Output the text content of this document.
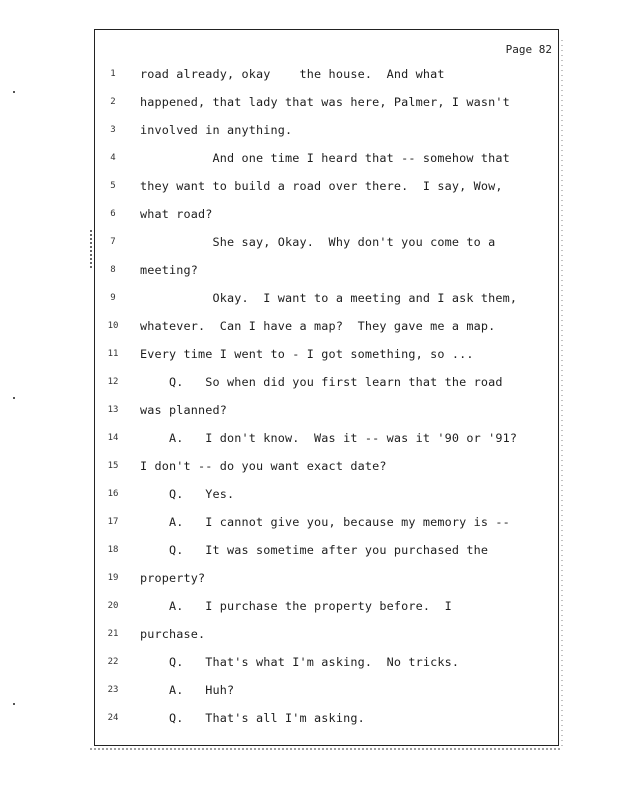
Page 82
1	road already, okay    the house.  And what
2	happened, that lady that was here, Palmer, I wasn't
3	involved in anything.
4	And one time I heard that -- somehow that
5	they want to build a road over there.  I say, Wow,
6	what road?
7	She say, Okay.  Why don't you come to a
8	meeting?
9	Okay.  I want to a meeting and I ask them,
10	whatever.  Can I have a map?  They gave me a map.
11	Every time I went to - I got something, so ...
12	Q.   So when did you first learn that the road
13	was planned?
14	A.   I don't know.  Was it -- was it '90 or '91?
15	I don't -- do you want exact date?
16	Q.   Yes.
17	A.   I cannot give you, because my memory is --
18	Q.   It was sometime after you purchased the
19	property?
20	A.   I purchase the property before.  I
21	purchase.
22	Q.   That's what I'm asking.  No tricks.
23	A.   Huh?
24	Q.   That's all I'm asking.
